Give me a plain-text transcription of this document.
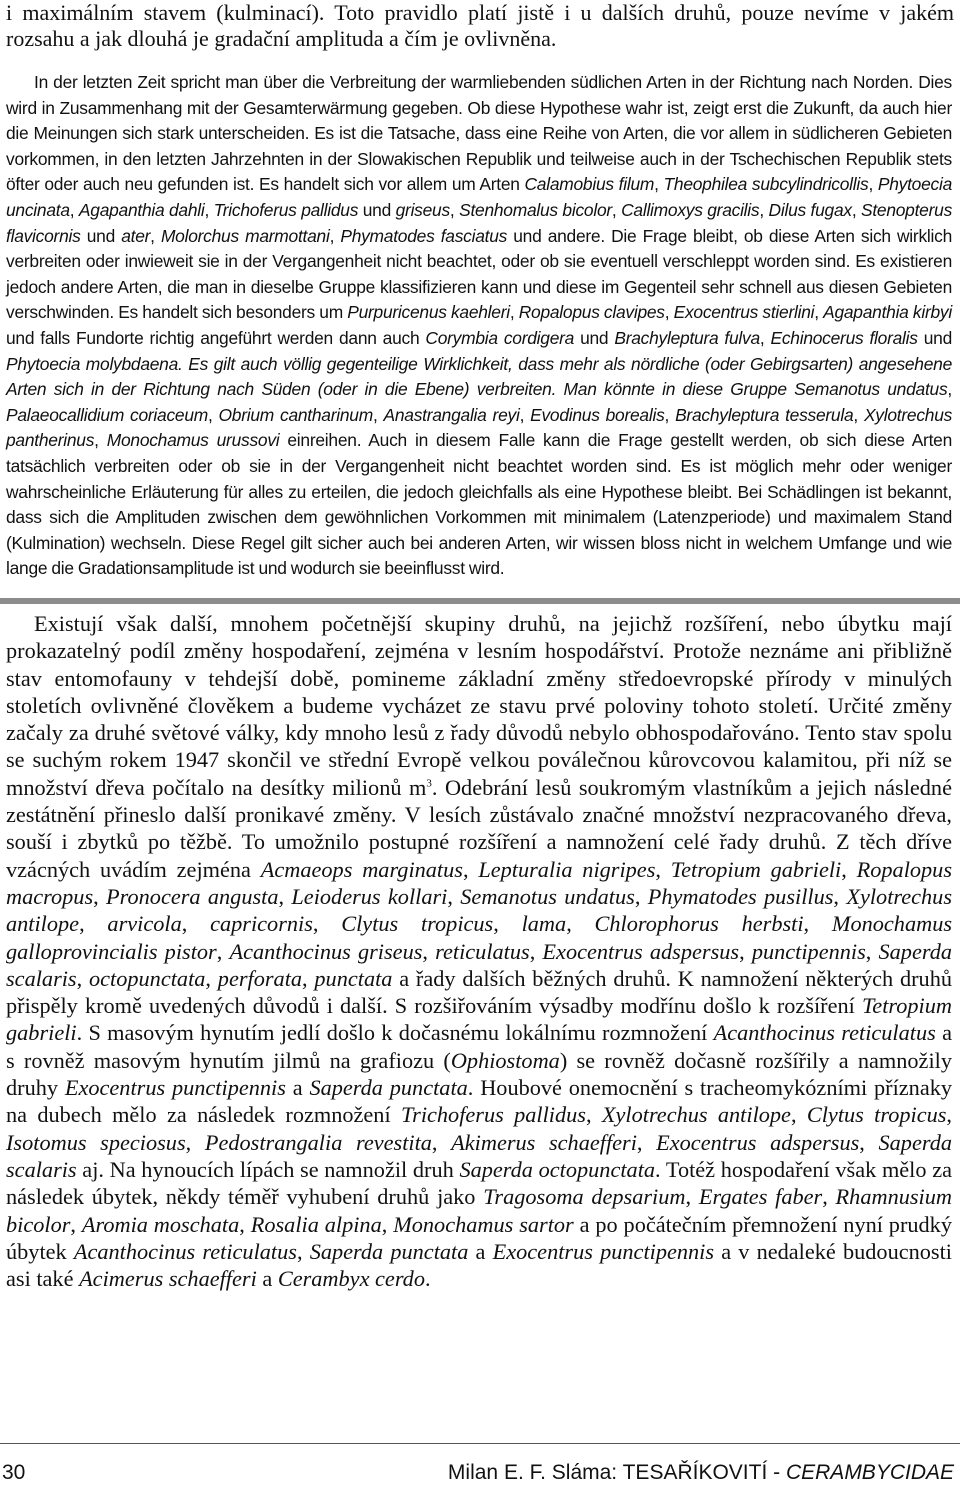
i maximálním stavem (kulminací). Toto pravidlo platí jistě i u dalších druhů, pouze nevíme v jakém rozsahu a jak dlouhá je gradační amplituda a čím je ovlivněna.

In der letzten Zeit spricht man über die Verbreitung der warmliebenden südlichen Arten in der Richtung nach Norden. Dies wird in Zusammenhang mit der Gesamterwärmung gegeben. Ob diese Hypothese wahr ist, zeigt erst die Zukunft, da auch hier die Meinungen sich stark unterscheiden. Es ist die Tatsache, dass eine Reihe von Arten, die vor allem in südlicheren Gebieten vorkommen, in den letzten Jahrzehnten in der Slowakischen Republik und teilweise auch in der Tschechischen Republik stets öfter oder auch neu gefunden ist. Es handelt sich vor allem um Arten Calamobius filum, Theophilea subcylindricollis, Phytoecia uncinata, Agapanthia dahli, Trichoferus pallidus und griseus, Stenhomalus bicolor, Callimoxys gracilis, Dilus fugax, Stenopterus flavicornis und ater, Molorchus marmottani, Phymatodes fasciatus und andere. Die Frage bleibt, ob diese Arten sich wirklich verbreiten oder inwieweit sie in der Vergangenheit nicht beachtet, oder ob sie eventuell verschleppt worden sind. Es existieren jedoch andere Arten, die man in dieselbe Gruppe klassifizieren kann und diese im Gegenteil sehr schnell aus diesen Gebieten verschwinden. Es handelt sich besonders um Purpuricenus kaehleri, Ropalopus clavipes, Exocentrus stierlini, Agapanthia kirbyi und falls Fundorte richtig angeführt werden dann auch Corymbia cordigera und Brachyleptura fulva, Echinocerus floralis und Phytoecia molybdaena. Es gilt auch völlig gegenteilige Wirklichkeit, dass mehr als nördliche (oder Gebirgsarten) angesehene Arten sich in der Richtung nach Süden (oder in die Ebene) verbreiten. Man könnte in diese Gruppe Semanotus undatus, Palaeocallidium coriaceum, Obrium cantharinum, Anastrangalia reyi, Evodinus borealis, Brachyleptura tesserula, Xylotrechus pantherinus, Monochamus urussovi einreihen. Auch in diesem Falle kann die Frage gestellt werden, ob sich diese Arten tatsächlich verbreiten oder ob sie in der Vergangenheit nicht beachtet worden sind. Es ist möglich mehr oder weniger wahrscheinliche Erläuterung für alles zu erteilen, die jedoch gleichfalls als eine Hypothese bleibt. Bei Schädlingen ist bekannt, dass sich die Amplituden zwischen dem gewöhnlichen Vorkommen mit minimalem (Latenzperiode) und maximalem Stand (Kulmination) wechseln. Diese Regel gilt sicher auch bei anderen Arten, wir wissen bloss nicht in welchem Umfange und wie lange die Gradationsamplitude ist und wodurch sie beeinflusst wird.

Existují však další, mnohem početnější skupiny druhů, na jejichž rozšíření, nebo úbytku mají prokazatelný podíl změny hospodaření, zejména v lesním hospodářství. Protože neznáme ani přibližně stav entomofauny v tehdejší době, pomineme základní změny středoevropské přírody v minulých stoletích ovlivněné člověkem a budeme vycházet ze stavu prvé poloviny tohoto století. Určité změny začaly za druhé světové války, kdy mnoho lesů z řady důvodů nebylo obhospodařováno. Tento stav spolu se suchým rokem 1947 skončil ve střední Evropě velkou poválečnou kůrovcovou kalamitou, při níž se množství dřeva počítalo na desítky milionů $m^3$. Odebrání lesů soukromým vlastníkům a jejich následné zestátnění přineslo další pronikavé změny. V lesích zůstávalo značné množství nezpracovaného dřeva, souší i zbytků po těžbě. To umožnilo postupné rozšíření a namnožení celé řady druhů. Z těch dříve vzácných uvádím zejména Acmaeops marginatus, Lepturalia nigripes, Tetropium gabrieli, Ropalopus macropus, Pronocera angusta, Leioderus kollari, Semanotus undatus, Phymatodes pusillus, Xylotrechus antilope, arvicola, capricornis, Clytus tropicus, lama, Chlorophorus herbsti, Monochamus galloprovincialis pistor, Acanthocinus griseus, reticulatus, Exocentrus adspersus, punctipennis, Saperda scalaris, octopunctata, perforata, punctata a řady dalších běžných druhů. K namnožení některých druhů přispěly kromě uvedených důvodů i další. S rozšiřováním výsadby modřínu došlo k rozšíření Tetropium gabrieli. S masovým hynutím jedlí došlo k dočasnému lokálnímu rozmnožení Acanthocinus reticulatus a s rovněž masovým hynutím jilmů na grafiozu (Ophiostoma) se rovněž dočasně rozšířily a namnožily druhy Exocentrus punctipennis a Saperda punctata. Houbové onemocnění s tracheomykózními příznaky na dubech mělo za následek rozmnožení Trichoferus pallidus, Xylotrechus antilope, Clytus tropicus, Isotomus speciosus, Pedostrangalia revestita, Akimerus schaefferi, Exocentrus adspersus, Saperda scalaris aj. Na hynoucích lípách se namnožil druh Saperda octopunctata. Totéž hospodaření však mělo za následek úbytek, někdy téměř vyhubení druhů jako Tragosoma depsarium, Ergates faber, Rhamnusium bicolor, Aromia moschata, Rosalia alpina, Monochamus sartor a po počátečním přemnožení nyní prudký úbytek Acanthocinus reticulatus, Saperda punctata a Exocentrus punctipennis a v nedaleké budoucnosti asi také Acimerus schaefferi a Cerambyx cerdo.

30	Milan E. F. Sláma: TESAŘÍKOVITÍ - CERAMBYCIDAE
